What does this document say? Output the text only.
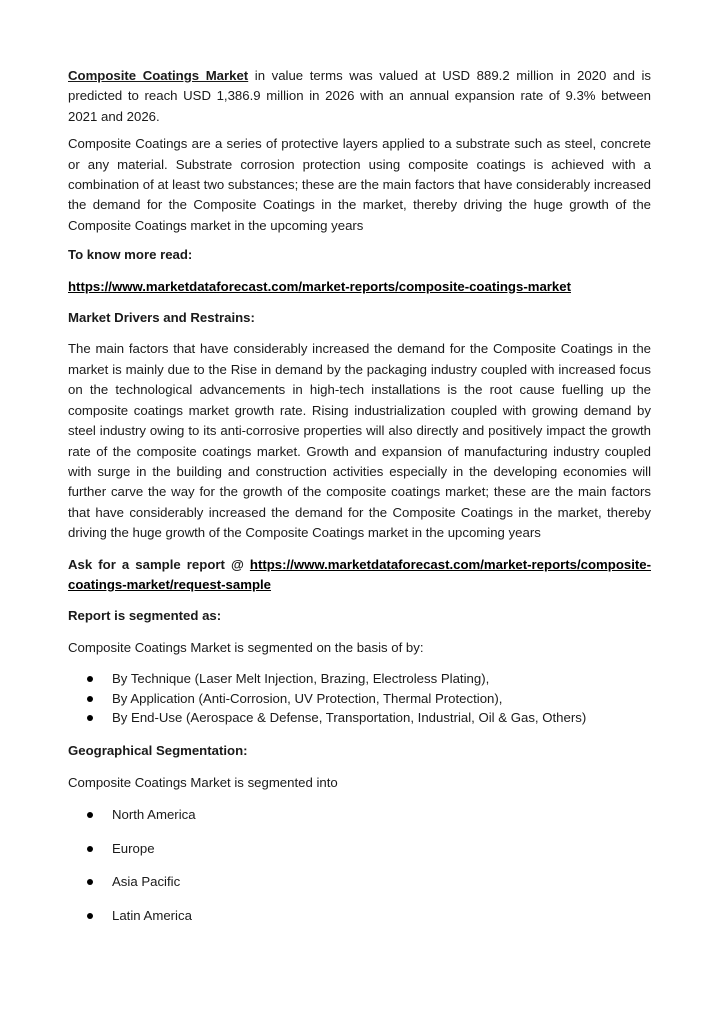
Composite Coatings Market in value terms was valued at USD 889.2 million in 2020 and is predicted to reach USD 1,386.9 million in 2026 with an annual expansion rate of 9.3% between 2021 and 2026.

Composite Coatings are a series of protective layers applied to a substrate such as steel, concrete or any material. Substrate corrosion protection using composite coatings is achieved with a combination of at least two substances; these are the main factors that have considerably increased the demand for the Composite Coatings in the market, thereby driving the huge growth of the Composite Coatings market in the upcoming years

To know more read:

https://www.marketdataforecast.com/market-reports/composite-coatings-market

Market Drivers and Restrains:

The main factors that have considerably increased the demand for the Composite Coatings in the market is mainly due to the Rise in demand by the packaging industry coupled with increased focus on the technological advancements in high-tech installations is the root cause fuelling up the composite coatings market growth rate. Rising industrialization coupled with growing demand by steel industry owing to its anti-corrosive properties will also directly and positively impact the growth rate of the composite coatings market. Growth and expansion of manufacturing industry coupled with surge in the building and construction activities especially in the developing economies will further carve the way for the growth of the composite coatings market; these are the main factors that have considerably increased the demand for the Composite Coatings in the market, thereby driving the huge growth of the Composite Coatings market in the upcoming years

Ask for a sample report @ https://www.marketdataforecast.com/market-reports/composite-coatings-market/request-sample

Report is segmented as:

Composite Coatings Market is segmented on the basis of by:

By Technique (Laser Melt Injection, Brazing, Electroless Plating),
By Application (Anti-Corrosion, UV Protection, Thermal Protection),
By End-Use (Aerospace & Defense, Transportation, Industrial, Oil & Gas, Others)

Geographical Segmentation:

Composite Coatings Market is segmented into

North America
Europe
Asia Pacific
Latin America
